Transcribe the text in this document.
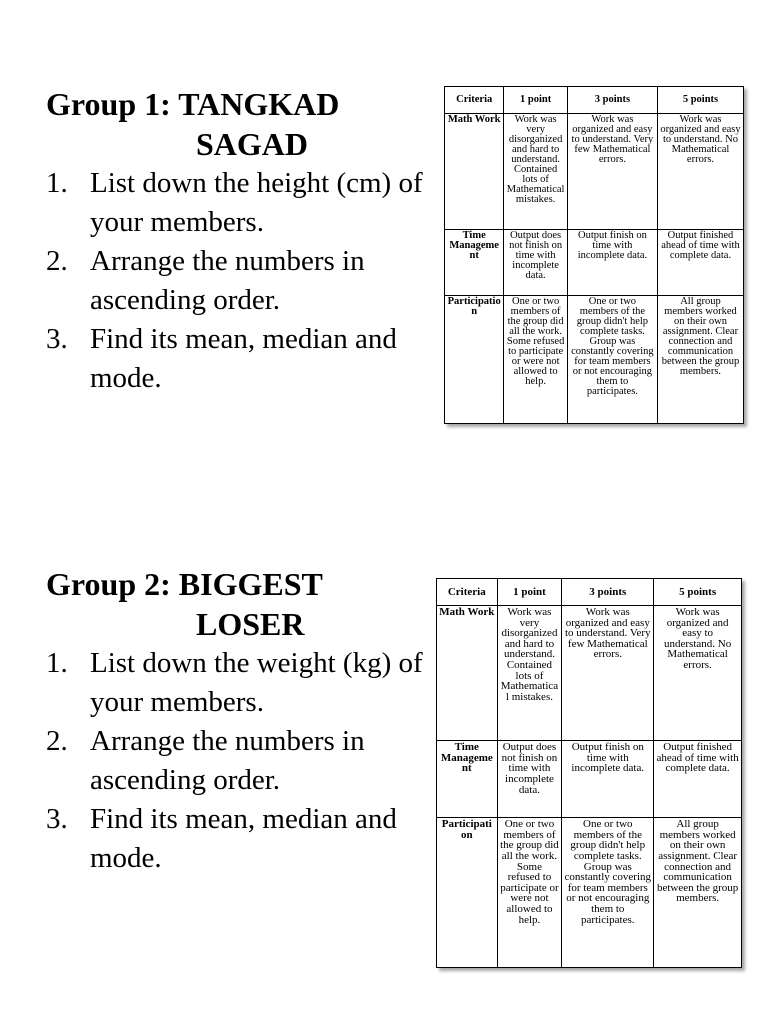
Group 1: TANGKAD
SAGAD
1. List down the height (cm) of your members.
2. Arrange the numbers in ascending order.
3. Find its mean, median and mode.
Criteria	1 point	3 points	5 points
Math Work	Work was very disorganized and hard to understand. Contained lots of Mathematical mistakes.	Work was organized and easy to understand. Very few Mathematical errors.	Work was organized and easy to understand. No Mathematical errors.
Time Management	Output does not finish on time with incomplete data.	Output finish on time with incomplete data.	Output finished ahead of time with complete data.
Participation	One or two members of the group did all the work. Some refused to participate or were not allowed to help.	One or two members of the group didn't help complete tasks. Group was constantly covering for team members or not encouraging them to participates.	All group members worked on their own assignment. Clear connection and communication between the group members.
Group 2: BIGGEST
LOSER
1. List down the weight (kg) of your members.
2. Arrange the numbers in ascending order.
3. Find its mean, median and mode.
Criteria	1 point	3 points	5 points
Math Work	Work was very disorganized and hard to understand. Contained lots of Mathematical mistakes.	Work was organized and easy to understand. Very few Mathematical errors.	Work was organized and easy to understand. No Mathematical errors.
Time Management	Output does not finish on time with incomplete data.	Output finish on time with incomplete data.	Output finished ahead of time with complete data.
Participation	One or two members of the group did all the work. Some refused to participate or were not allowed to help.	One or two members of the group didn't help complete tasks. Group was constantly covering for team members or not encouraging them to participates.	All group members worked on their own assignment. Clear connection and communication between the group members.
